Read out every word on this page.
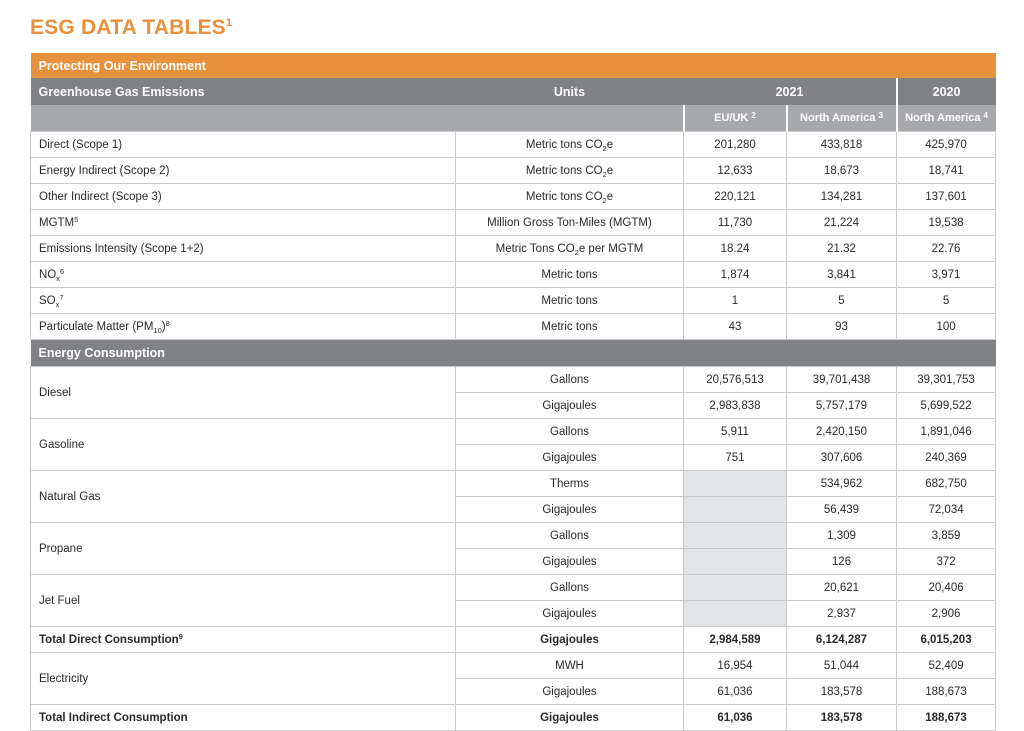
ESG DATA TABLES$^1$
Protecting Our Environment				
Greenhouse Gas Emissions	Units	2021		2020
		EU/UK $^2$	North America $^3$	North America $^4$
Direct (Scope 1)	Metric tons $CO_2e$	201,280	433,818	425,970
Energy Indirect (Scope 2)	Metric tons $CO_2e$	12,633	18,673	18,741
Other Indirect (Scope 3)	Metric tons $CO_2e$	220,121	134,281	137,601
MGTM$^5$	Million Gross Ton-Miles (MGTM)	11,730	21,224	19,538
Emissions Intensity (Scope 1+2)	Metric Tons $CO_2e$ per MGTM	18.24	21.32	22.76
$NO_x^6$	Metric tons	1,874	3,841	3,971
$SO_x^7$	Metric tons	1	5	5
Particulate Matter $(PM_{10})^8$	Metric tons	43	93	100
Energy Consumption				
Diesel	Gallons	20,576,513	39,701,438	39,301,753
	Gigajoules	2,983,838	5,757,179	5,699,522
Gasoline	Gallons	5,911	2,420,150	1,891,046
	Gigajoules	751	307,606	240,369
Natural Gas	Therms		534,962	682,750
	Gigajoules		56,439	72,034
Propane	Gallons		1,309	3,859
	Gigajoules		126	372
Jet Fuel	Gallons		20,621	20,406
	Gigajoules		2,937	2,906
Total Direct Consumption$^9$	Gigajoules	2,984,589	6,124,287	6,015,203
Electricity	MWH	16,954	51,044	52,409
	Gigajoules	61,036	183,578	188,673
Total Indirect Consumption	Gigajoules	61,036	183,578	188,673
